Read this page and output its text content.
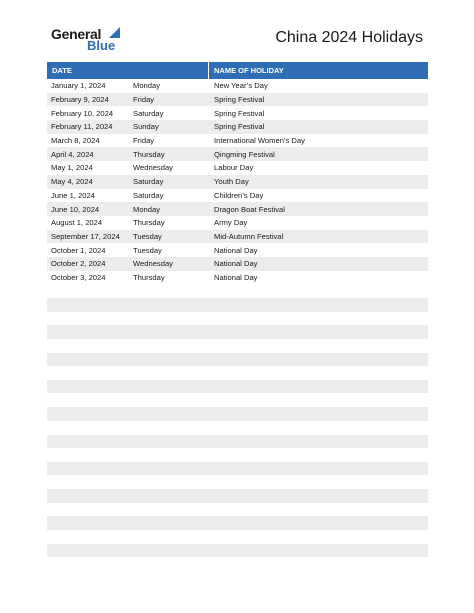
General
Blue	China 2024 Holidays
DATE	NAME OF HOLIDAY
January 1, 2024	Monday	New Year’s Day
February 9, 2024	Friday	Spring Festival
February 10, 2024	Saturday	Spring Festival
February 11, 2024	Sunday	Spring Festival
March 8, 2024	Friday	International Women’s Day
April 4, 2024	Thursday	Qingming Festival
May 1, 2024	Wednesday	Labour Day
May 4, 2024	Saturday	Youth Day
June 1, 2024	Saturday	Children’s Day
June 10, 2024	Monday	Dragon Boat Festival
August 1, 2024	Thursday	Army Day
September 17, 2024	Tuesday	Mid-Autumn Festival
October 1, 2024	Tuesday	National Day
October 2, 2024	Wednesday	National Day
October 3, 2024	Thursday	National Day
